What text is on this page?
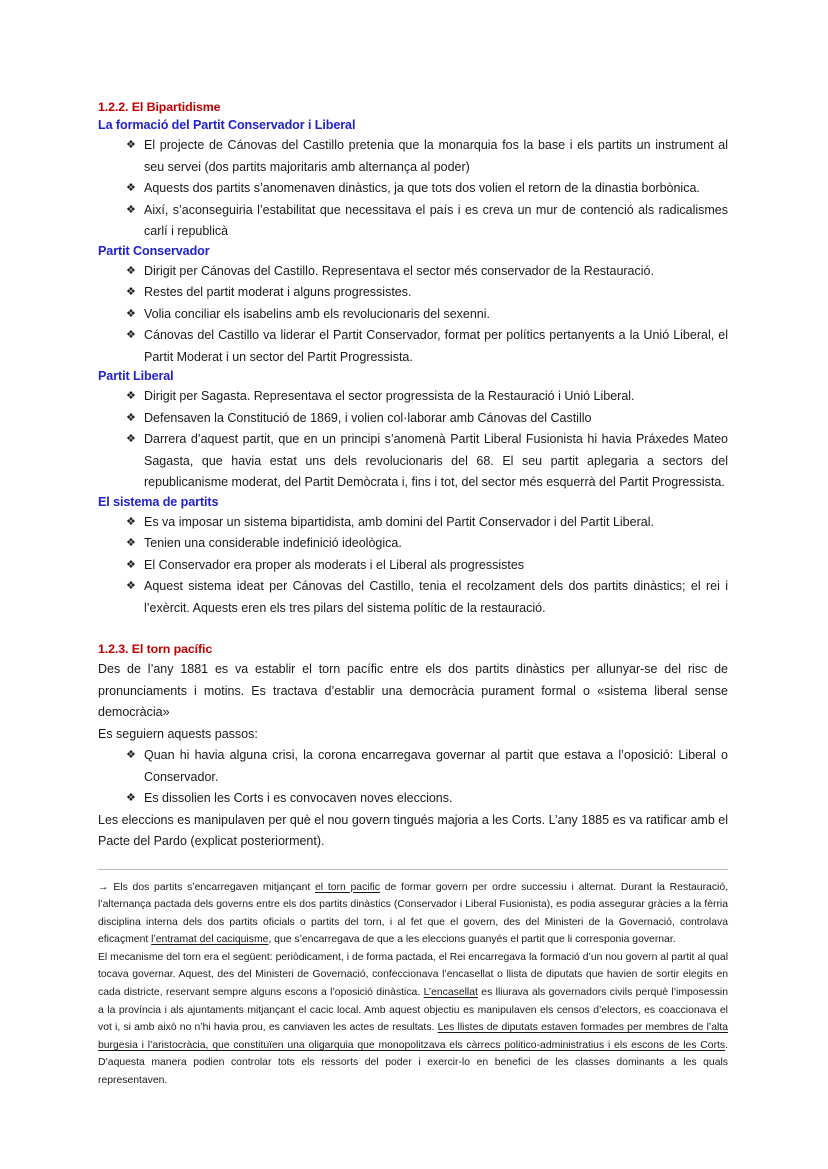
1.2.2. El Bipartidisme
La formació del Partit Conservador i Liberal
❖ El projecte de Cánovas del Castillo pretenia que la monarquia fos la base i els partits un instrument al seu servei (dos partits majoritaris amb alternança al poder)
❖ Aquests dos partits s’anomenaven dinàstics, ja que tots dos volien el retorn de la dinastia borbònica.
❖ Així, s’aconseguiria l’estabilitat que necessitava el país i es creva un mur de contenció als radicalismes carlí i republicà
Partit Conservador
❖ Dirigit per Cánovas del Castillo. Representava el sector més conservador de la Restauració.
❖ Restes del partit moderat i alguns progressistes.
❖ Volia conciliar els isabelins amb els revolucionaris del sexenni.
❖ Cánovas del Castillo va liderar el Partit Conservador, format per polítics pertanyents a la Unió Liberal, el Partit Moderat i un sector del Partit Progressista.
Partit Liberal
❖ Dirigit per Sagasta. Representava el sector progressista de la Restauració i Unió Liberal.
❖ Defensaven la Constitució de 1869, i volien col·laborar amb Cánovas del Castillo
❖ Darrera d’aquest partit, que en un principi s’anomenà Partit Liberal Fusionista hi havia Práxedes Mateo Sagasta, que havia estat uns dels revolucionaris del 68. El seu partit aplegaria a sectors del republicanisme moderat, del Partit Demòcrata i, fins i tot, del sector més esquerrà del Partit Progressista.
El sistema de partits
❖ Es va imposar un sistema bipartidista, amb domini del Partit Conservador i del Partit Liberal.
❖ Tenien una considerable indefinició ideològica.
❖ El Conservador era proper als moderats i el Liberal als progressistes
❖ Aquest sistema ideat per Cánovas del Castillo, tenia el recolzament dels dos partits dinàstics; el rei i l’exèrcit. Aquests eren els tres pilars del sistema polític de la restauració.
1.2.3. El torn pacífic

Des de l’any 1881 es va establir el torn pacífic entre els dos partits dinàstics per allunyar-se del risc de pronunciaments i motins. Es tractava d’establir una democràcia purament formal o «sistema liberal sense democràcia»

Es seguiern aquests passos:

❖ Quan hi havia alguna crisi, la corona encarregava governar al partit que estava a l’oposició: Liberal o Conservador.
❖ Es dissolien les Corts i es convocaven noves eleccions.

Les eleccions es manipulaven per què el nou govern tingués majoria a les Corts. L’any 1885 es va ratificar amb el Pacte del Pardo (explicat posteriorment).

→ Els dos partits s’encarregaven mitjançant el torn pacific de formar govern per ordre successiu i alternat. Durant la Restauració, l’alternança pactada dels governs entre els dos partits dinàstics (Conservador i Liberal Fusionista), es podia assegurar gràcies a la fèrria disciplina interna dels dos partits oficials o partits del torn, i al fet que el govern, des del Ministeri de la Governació, controlava eficaçment l’entramat del caciquisme, que s’encarregava de que a les eleccions guanyés el partit que li corresponia governar.

El mecanisme del torn era el següent: periòdicament, i de forma pactada, el Rei encarregava la formació d’un nou govern al partit al qual tocava governar. Aquest, des del Ministeri de Governació, confeccionava l’encasellat o llista de diputats que havien de sortir elegits en cada districte, reservant sempre alguns escons a l’oposició dinàstica. L’encasellat es lliurava als governadors civils perquè l’imposessin a la província i als ajuntaments mitjançant el cacic local. Amb aquest objectiu es manipulaven els censos d’electors, es coaccionava el vot i, si amb això no n’hi havia prou, es canviaven les actes de resultats. Les llistes de diputats estaven formades per membres de l’alta burgesia i l’aristocràcia, que constituïen una oligarquia que monopolitzava els càrrecs politico-administratius i els escons de les Corts. D’aquesta manera podien controlar tots els ressorts del poder i exercir-lo en benefici de les classes dominants a les quals representaven.
